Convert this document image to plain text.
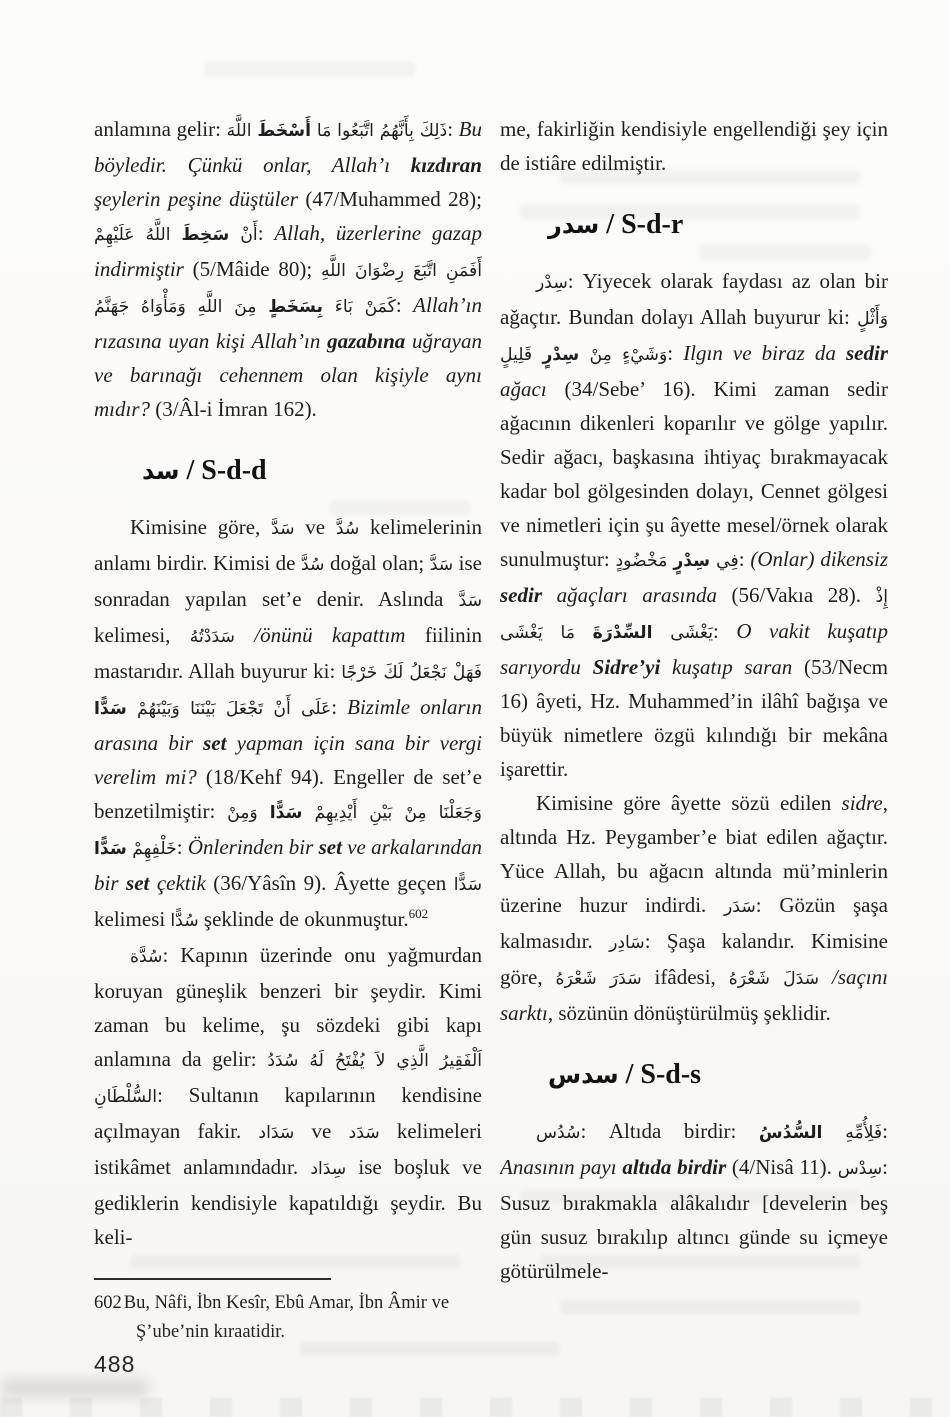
anlamına gelir:	ذَلِكَ بِأَنَّهُمُ اتَّبَعُوا مَا أَسْخَطَ اللَّهَ	: Bu böyledir. Çünkü onlar, Allah’ı kızdıran şeylerin peşine düştüler (47/Muhammed 28); أَنْ سَخِطَ اللَّهُ عَلَيْهِمْ	: Allah, üzerlerine gazap indirmiştir (5/Mâide 80); أَفَمَنِ اتَّبَعَ رِضْوَانَ اللَّهِ كَمَنْ بَاءَ بِسَخَطٍ مِنَ اللَّهِ وَمَأْوَاهُ جَهَنَّمُ	: Allah’ın rızasına uyan kişi Allah’ın gazabına uğrayan ve barınağı cehennem olan kişiyle aynı mıdır? (3/Âl-i İmran 162).

سد / S-d-d

Kimisine göre, سَدَّ ve سُدَّ kelimelerinin anlamı birdir. Kimisi de سُدَّ doğal olan; سَدَّ ise sonradan yapılan set’e denir. Aslında سَدَّ kelimesi, سَدَدْتُهُ /önünü kapattım fiilinin mastarıdır. Allah buyurur ki: فَهَلْ نَجْعَلُ لَكَ خَرْجًا عَلَى أَنْ تَجْعَلَ بَيْنَنَا وَبَيْنَهُمْ سَدًّا	: Bizimle onların arasına bir set yapman için sana bir vergi verelim mi? (18/Kehf 94). Engeller de set’e benzetilmiştir:	وَجَعَلْنَا مِنْ بَيْنِ أَيْدِيهِمْ سَدًّا وَمِنْ خَلْفِهِمْ سَدًّا : Önlerinden bir set ve arkalarından bir set çektik (36/Yâsîn 9). Âyette geçen سَدًّا kelimesi سُدًّا şeklinde de okunmuştur.$^{602}$

سُدَّة: Kapının üzerinde onu yağmurdan koruyan güneşlik benzeri bir şeydir. Kimi zaman bu kelime, şu sözdeki gibi kapı anlamına da gelir: اَلْفَقِيرُ الَّذِي لاَ يُفْتَحُ لَهُ سُدَدُ السُّلْطَانِ: Sultanın kapılarının kendisine açılmayan fakir. سَدَاد ve سَدَد kelimeleri istikâmet anlamındadır. سِدَاد ise boşluk ve gediklerin kendisiyle kapatıldığı şeydir. Bu keli-

me, fakirliğin kendisiyle engellendiği şey için de istiâre edilmiştir.

سدر / S-d-r

سِدْر: Yiyecek olarak faydası az olan bir ağaçtır. Bundan dolayı Allah buyurur ki: وَأَثْلٍ وَشَيْءٍ مِنْ سِدْرٍ قَلِيلٍ	: Ilgın ve biraz da sedir ağacı (34/Sebe’ 16). Kimi zaman sedir ağacının dikenleri koparılır ve gölge yapılır. Sedir ağacı, başkasına ihtiyaç bırakmayacak kadar bol gölgesinden dolayı, Cennet gölgesi ve nimetleri için şu âyette mesel/örnek olarak sunulmuştur:	فِي سِدْرٍ مَخْضُودٍ	: (Onlar) dikensiz sedir ağaçları arasında (56/Vakıa 28). إِذْ يَغْشَى السِّدْرَةَ مَا يَغْشَى	: O vakit kuşatıp sarıyordu Sidre’yi kuşatıp saran (53/Necm 16) âyeti, Hz. Muhammed’in ilâhî bağışa ve büyük nimetlere özgü kılındığı bir mekâna işarettir.

Kimisine göre âyette sözü edilen sidre, altında Hz. Peygamber’e biat edilen ağaçtır. Yüce Allah, bu ağacın altında mü’minlerin üzerine huzur indirdi. سَدَر: Gözün şaşa kalmasıdır. سَادِر: Şaşa kalandır. Kimisine göre, سَدَرَ شَعْرَهُ ifâdesi, سَدَلَ شَعْرَهُ /saçını sarktı, sözünün dönüştürülmüş şeklidir.

سدس / S-d-s

سُدُس: Altıda birdir:	فَلِأُمِّهِ السُّدُسُ	: Anasının payı altıda birdir (4/Nisâ 11). سِدْس: Susuz bırakmakla alâkalıdır [develerin beş gün susuz bırakılıp altıncı günde su içmeye götürülmele-

602 Bu, Nâfi, İbn Kesîr, Ebû Amar, İbn Âmir ve Ş’ube’nin kıraatidir.

488
